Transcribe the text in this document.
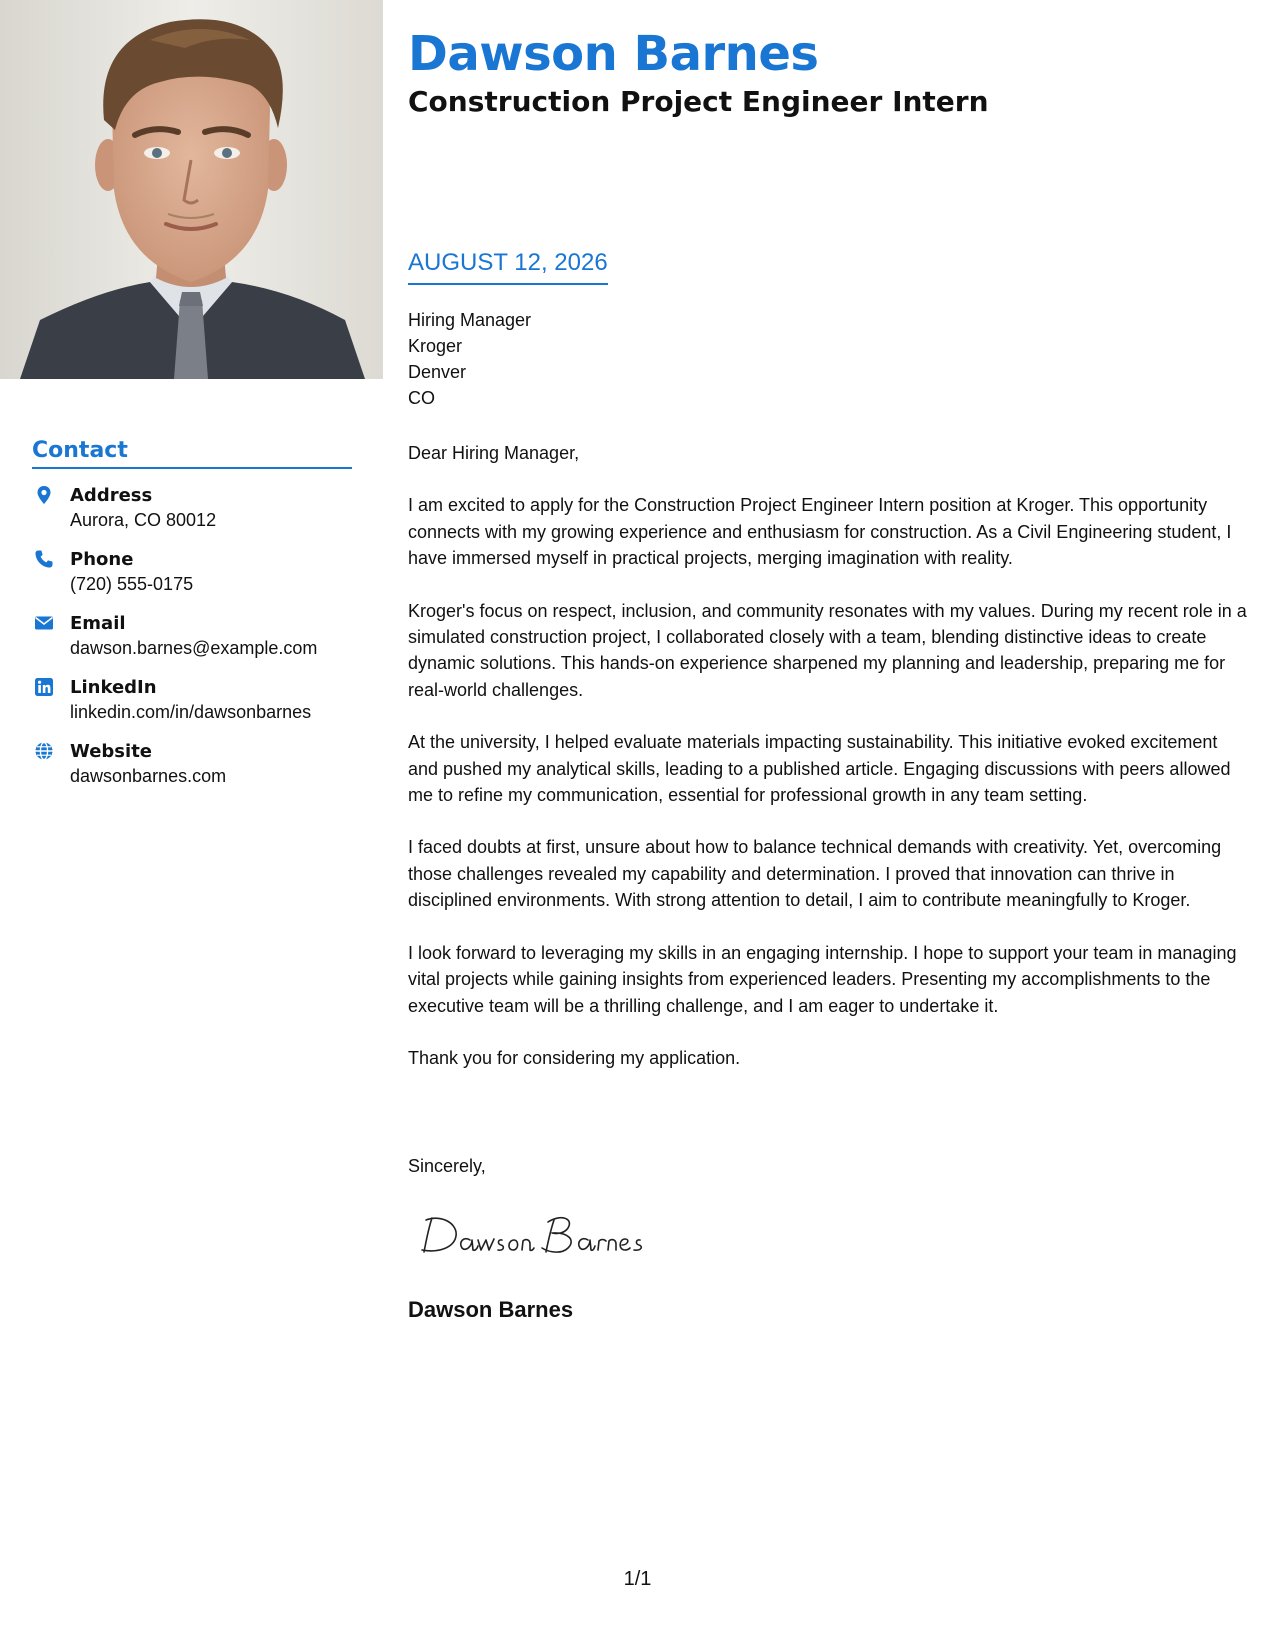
Contact
Address
Aurora, CO 80012
Phone
(720) 555-0175
Email
dawson.barnes@example.com
LinkedIn
linkedin.com/in/dawsonbarnes
Website
dawsonbarnes.com
Dawson Barnes
Construction Project Engineer Intern
AUGUST 12, 2026
Hiring Manager
Kroger
Denver
CO

Dear Hiring Manager,

I am excited to apply for the Construction Project Engineer Intern position at Kroger. This opportunity connects with my growing experience and enthusiasm for construction. As a Civil Engineering student, I have immersed myself in practical projects, merging imagination with reality.

Kroger's focus on respect, inclusion, and community resonates with my values. During my recent role in a simulated construction project, I collaborated closely with a team, blending distinctive ideas to create dynamic solutions. This hands-on experience sharpened my planning and leadership, preparing me for real-world challenges.

At the university, I helped evaluate materials impacting sustainability. This initiative evoked excitement and pushed my analytical skills, leading to a published article. Engaging discussions with peers allowed me to refine my communication, essential for professional growth in any team setting.

I faced doubts at first, unsure about how to balance technical demands with creativity. Yet, overcoming those challenges revealed my capability and determination. I proved that innovation can thrive in disciplined environments. With strong attention to detail, I aim to contribute meaningfully to Kroger.

I look forward to leveraging my skills in an engaging internship. I hope to support your team in managing vital projects while gaining insights from experienced leaders. Presenting my accomplishments to the executive team will be a thrilling challenge, and I am eager to undertake it.

Thank you for considering my application.

Sincerely,
Dawson Barnes
1/1
